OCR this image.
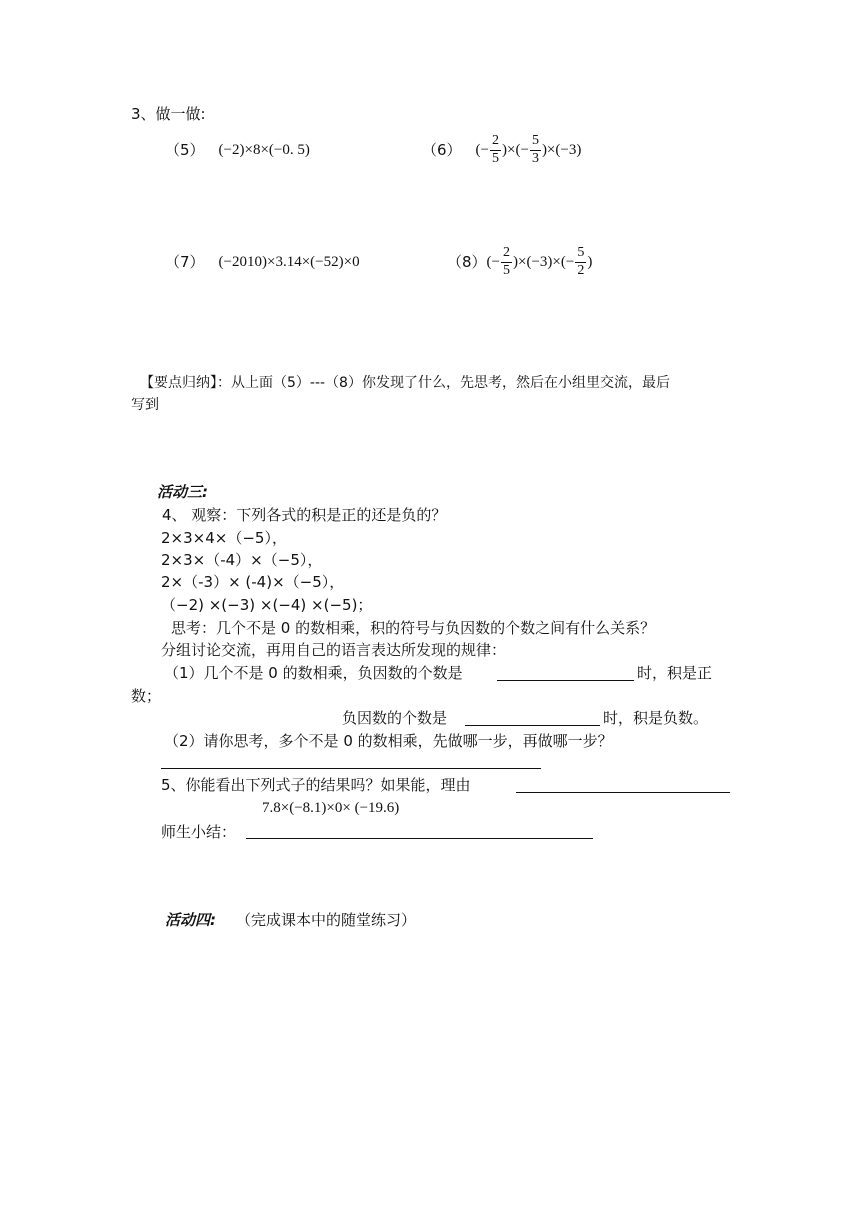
3、做一做:
（5） (−2)×8×(−0. 5)	（6） (− $\frac{2}{5}$ )×(− $\frac{5}{3} )\times(-3)$
（7） (−2010)×3.14×(−52)×0	（8） (− $\frac{2}{5} )\times(-3)\times(- \frac{5}{2}$ )
【要点归纳】：从上面（5）---（8）你发现了什么，先思考，然后在小组里交流，最后
写到
活动三:
4、 观察：下列各式的积是正的还是负的？
2×3×4×（−5），
2×3×（-4）×（−5），
2×（-3）× (-4)×（−5），
（−2) ×(−3) ×(−4) ×(−5)；
思考：几个不是 0 的数相乘，积的符号与负因数的个数之间有什么关系？
分组讨论交流，再用自己的语言表达所发现的规律：
（1）几个不是 0 的数相乘，负因数的个数是	时，积是正
数；
负因数的个数是	时，积是负数。
（2）请你思考，多个不是 0 的数相乘，先做哪一步，再做哪一步？
5、你能看出下列式子的结果吗？如果能，理由
7.8×(−8.1)×0× (−19.6)
师生小结：
活动四: （完成课本中的随堂练习）
